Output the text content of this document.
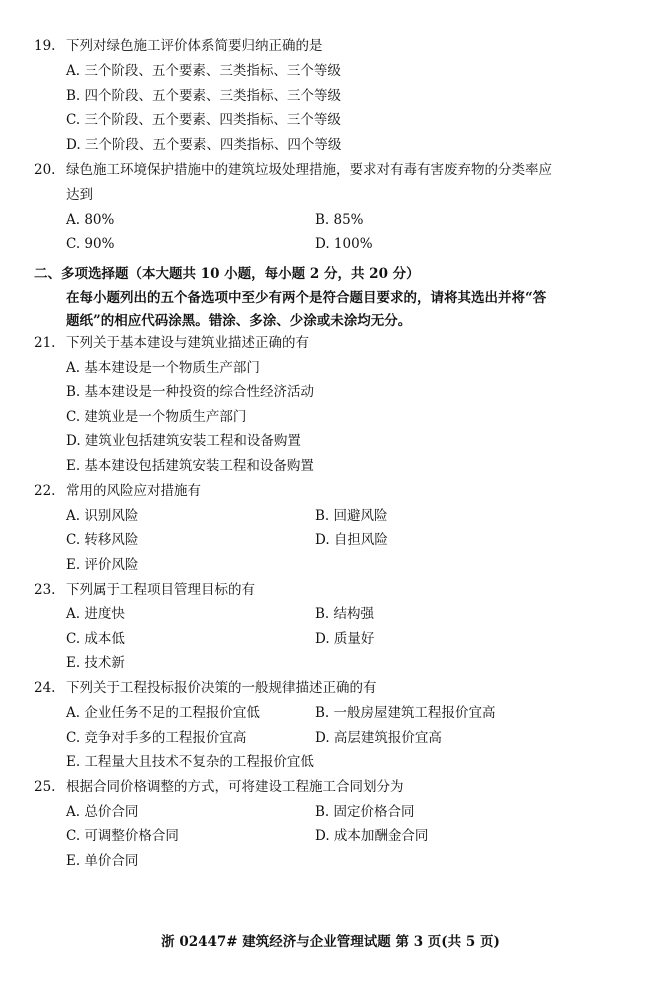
19. 下列对绿色施工评价体系简要归纳正确的是
A. 三个阶段、五个要素、三类指标、三个等级
B. 四个阶段、五个要素、三类指标、三个等级
C. 三个阶段、五个要素、四类指标、三个等级
D. 三个阶段、五个要素、四类指标、四个等级
20. 绿色施工环境保护措施中的建筑垃圾处理措施，要求对有毒有害废弃物的分类率应
达到
A. 80%	B. 85%
C. 90%	D. 100%
二、多项选择题（本大题共 10 小题，每小题 2 分，共 20 分）
在每小题列出的五个备选项中至少有两个是符合题目要求的，请将其选出并将“答
题纸”的相应代码涂黑。错涂、多涂、少涂或未涂均无分。
21. 下列关于基本建设与建筑业描述正确的有
A. 基本建设是一个物质生产部门
B. 基本建设是一种投资的综合性经济活动
C. 建筑业是一个物质生产部门
D. 建筑业包括建筑安装工程和设备购置
E. 基本建设包括建筑安装工程和设备购置
22. 常用的风险应对措施有
A. 识别风险	B. 回避风险
C. 转移风险	D. 自担风险
E. 评价风险
23. 下列属于工程项目管理目标的有
A. 进度快	B. 结构强
C. 成本低	D. 质量好
E. 技术新
24. 下列关于工程投标报价决策的一般规律描述正确的有
A. 企业任务不足的工程报价宜低	B. 一般房屋建筑工程报价宜高
C. 竞争对手多的工程报价宜高	D. 高层建筑报价宜高
E. 工程量大且技术不复杂的工程报价宜低
25. 根据合同价格调整的方式，可将建设工程施工合同划分为
A. 总价合同	B. 固定价格合同
C. 可调整价格合同	D. 成本加酬金合同
E. 单价合同
浙 02447# 建筑经济与企业管理试题 第 3 页(共 5 页)
